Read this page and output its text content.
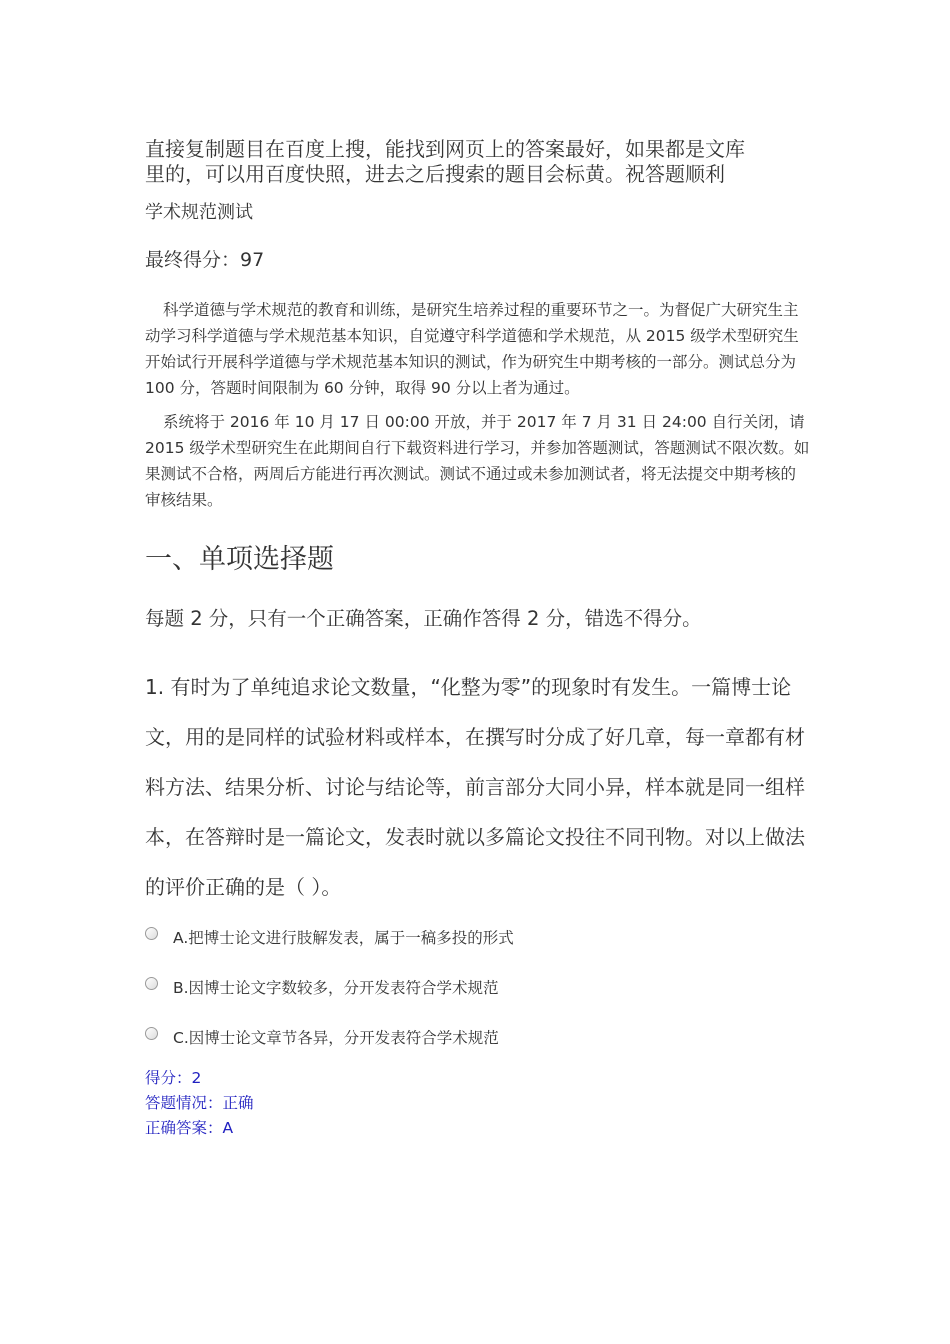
直接复制题目在百度上搜，能找到网页上的答案最好，如果都是文库
里的，可以用百度快照，进去之后搜索的题目会标黄。祝答题顺利
学术规范测试
最终得分：97
科学道德与学术规范的教育和训练，是研究生培养过程的重要环节之一。为督促广大研究生主动学习科学道德与学术规范基本知识，自觉遵守科学道德和学术规范，从 2015 级学术型研究生开始试行开展科学道德与学术规范基本知识的测试，作为研究生中期考核的一部分。测试总分为 100 分，答题时间限制为 60 分钟，取得 90 分以上者为通过。
系统将于 2016 年 10 月 17 日 00:00 开放，并于 2017 年 7 月 31 日 24:00 自行关闭，请 2015 级学术型研究生在此期间自行下载资料进行学习，并参加答题测试，答题测试不限次数。如果测试不合格，两周后方能进行再次测试。测试不通过或未参加测试者，将无法提交中期考核的审核结果。
一、单项选择题
每题 2 分，只有一个正确答案，正确作答得 2 分，错选不得分。
1. 有时为了单纯追求论文数量，“化整为零”的现象时有发生。一篇博士论文，用的是同样的试验材料或样本，在撰写时分成了好几章，每一章都有材料方法、结果分析、讨论与结论等，前言部分大同小异，样本就是同一组样本，在答辩时是一篇论文，发表时就以多篇论文投往不同刊物。对以上做法的评价正确的是（ ）。
A.把博士论文进行肢解发表，属于一稿多投的形式
B.因博士论文字数较多，分开发表符合学术规范
C.因博士论文章节各异，分开发表符合学术规范
得分：2
答题情况：正确
正确答案：A
